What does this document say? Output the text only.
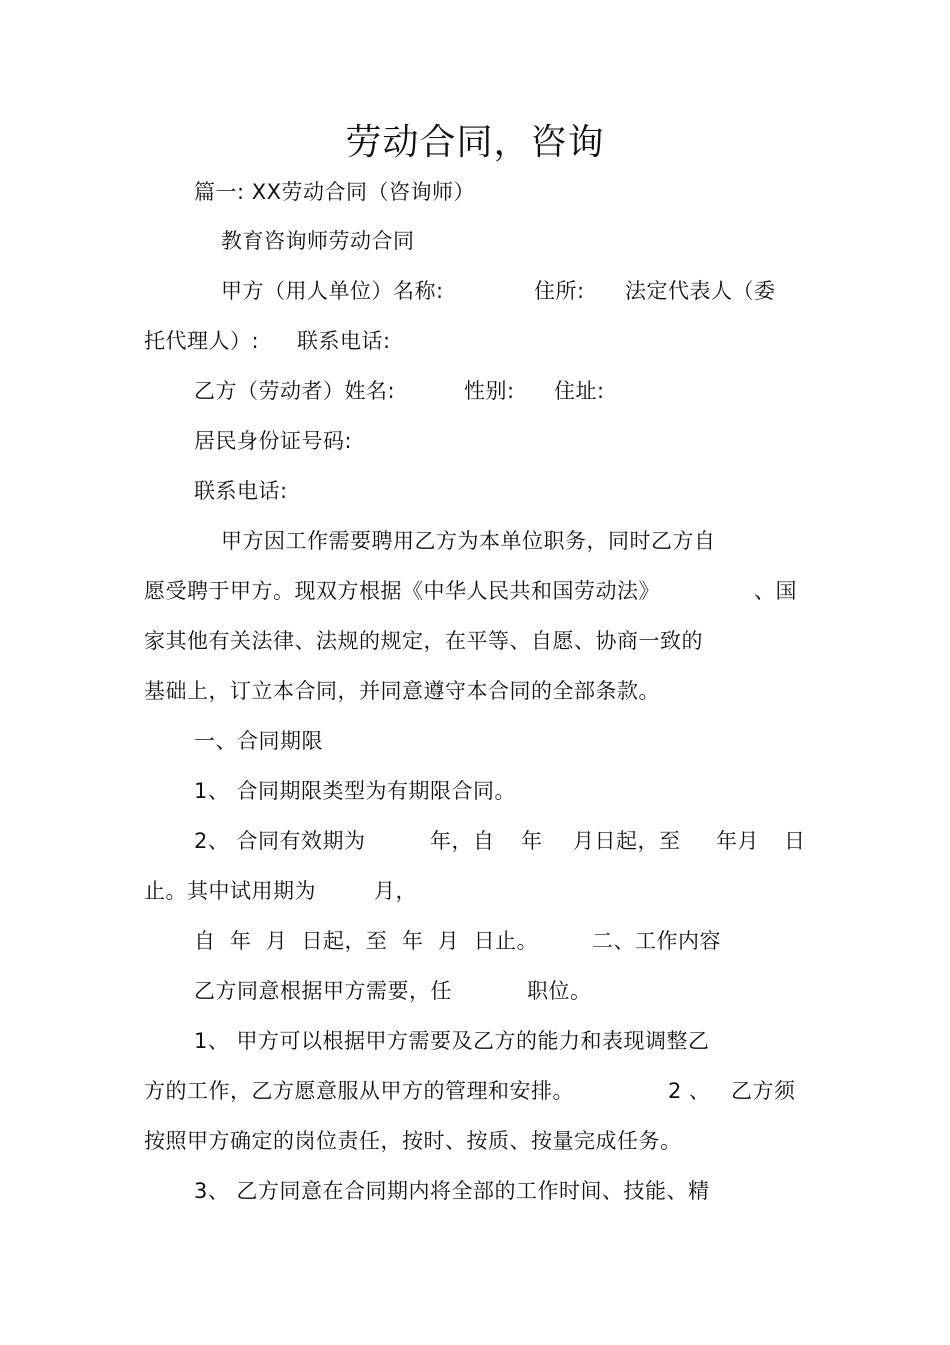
劳动合同，咨询
篇一: XX劳动合同（咨询师）
教育咨询师劳动合同
甲方（用人单位）名称:	住所: 法定代表人（委
托代理人）: 联系电话:
乙方（劳动者）姓名:	性别: 住址:
居民身份证号码:
联系电话:
甲方因工作需要聘用乙方为本单位职务，同时乙方自
愿受聘于甲方。现双方根据《中华人民共和国劳动法》	、国
家其他有关法律、法规的规定，在平等、自愿、协商一致的
基础上，订立本合同，并同意遵守本合同的全部条款。
一、合同期限
1、 合同期限类型为有期限合同。
2、 合同有效期为	年，自 年 月日起，至 年月 日
止。其中试用期为	月，
自  年  月  日起，至  年  月  日止。	二、工作内容
乙方同意根据甲方需要，任	职位。
1、 甲方可以根据甲方需要及乙方的能力和表现调整乙
方的工作，乙方愿意服从甲方的管理和安排。	2 、 乙方须
按照甲方确定的岗位责任，按时、按质、按量完成任务。
3、 乙方同意在合同期内将全部的工作时间、技能、精
